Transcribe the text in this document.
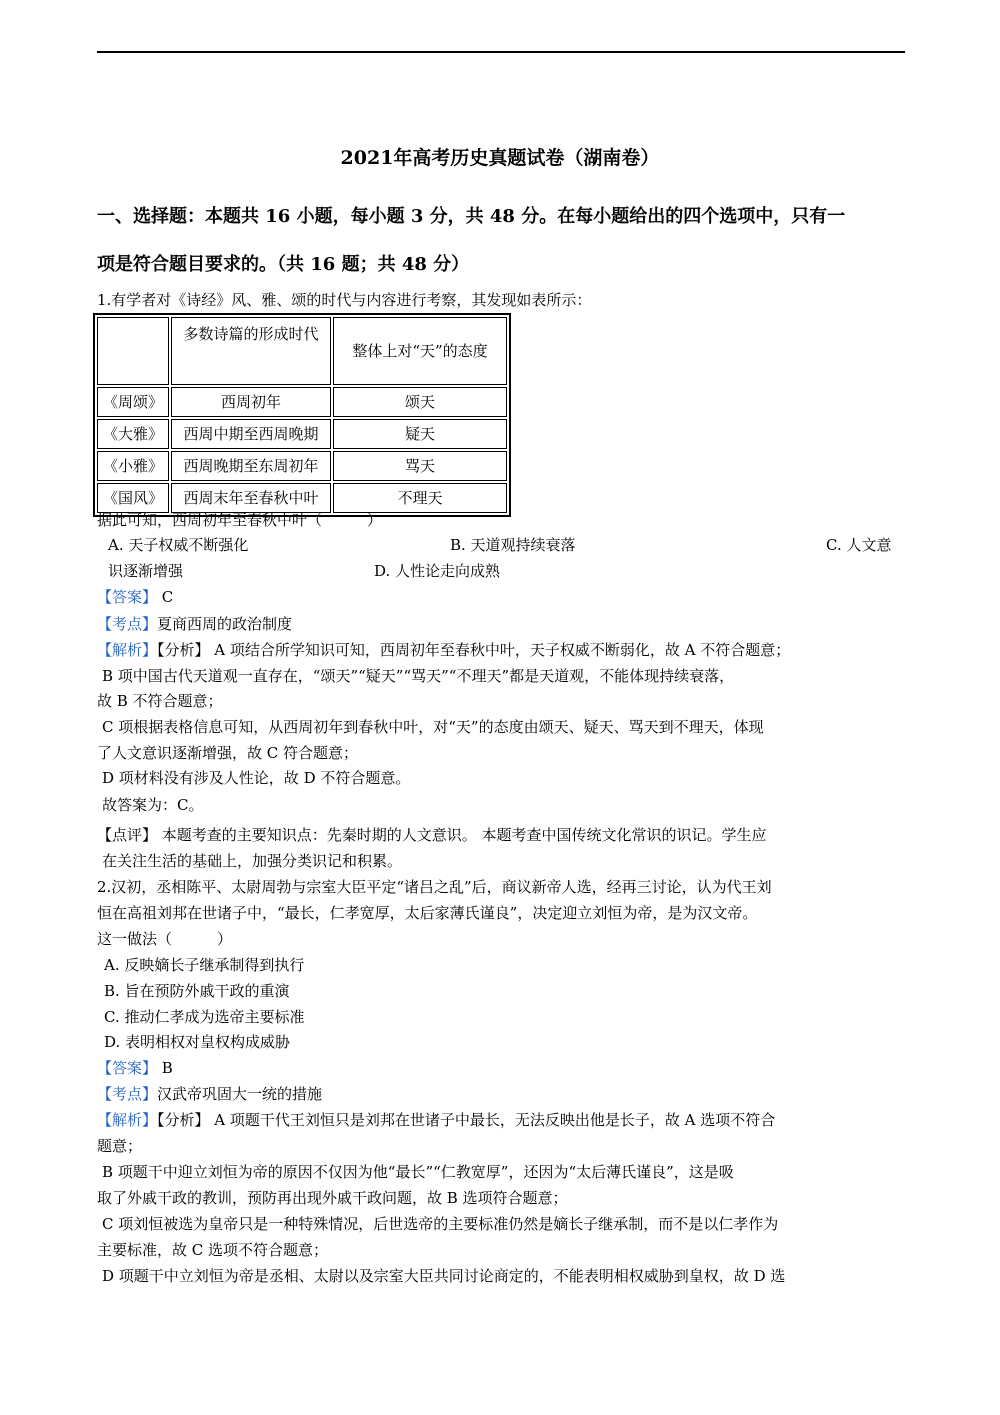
2021年高考历史真题试卷（湖南卷）
一、选择题：本题共 16 小题，每小题 3 分，共 48 分。在每小题给出的四个选项中，只有一
项是符合题目要求的。（共 16 题；共 48 分）
1.有学者对《诗经》风、雅、颂的时代与内容进行考察，其发现如表所示：
	多数诗篇的形成时代	整体上对“天”的态度
《周颂》	西周初年	颂天
《大雅》	西周中期至西周晚期	疑天
《小雅》	西周晚期至东周初年	骂天
《国风》	西周末年至春秋中叶	不理天
据此可知，西周初年至春秋中叶（　　　）
A. 天子权威不断强化	B. 天道观持续衰落	C. 人文意
识逐渐增强	D. 人性论走向成熟
【答案】 C
【考点】夏商西周的政治制度
【解析】【分析】 A 项结合所学知识可知，西周初年至春秋中叶，天子权威不断弱化，故 A 不符合题意；
B 项中国古代天道观一直存在，“颂天”“疑天”“骂天”“不理天”都是天道观，不能体现持续衰落，
故 B 不符合题意；
C 项根据表格信息可知，从西周初年到春秋中叶，对“天”的态度由颂天、疑天、骂天到不理天，体现
了人文意识逐渐增强，故 C 符合题意；
D 项材料没有涉及人性论，故 D 不符合题意。
故答案为：C。
【点评】 本题考查的主要知识点：先秦时期的人文意识。 本题考查中国传统文化常识的识记。学生应
在关注生活的基础上，加强分类识记和积累。
2.汉初，丞相陈平、太尉周勃与宗室大臣平定“诸吕之乱”后，商议新帝人选，经再三讨论，认为代王刘
恒在高祖刘邦在世诸子中，“最长，仁孝宽厚，太后家薄氏谨良”，决定迎立刘恒为帝，是为汉文帝。
这一做法（　　　）
A. 反映嫡长子继承制得到执行
B. 旨在预防外戚干政的重演
C. 推动仁孝成为选帝主要标准
D. 表明相权对皇权构成威胁
【答案】 B
【考点】汉武帝巩固大一统的措施
【解析】【分析】 A 项题干代王刘恒只是刘邦在世诸子中最长，无法反映出他是长子，故 A 选项不符合
题意；
B 项题干中迎立刘恒为帝的原因不仅因为他“最长”“仁教宽厚”，还因为“太后薄氏谨良”，这是吸
取了外戚干政的教训，预防再出现外戚干政问题，故 B 选项符合题意；
C 项刘恒被选为皇帝只是一种特殊情况，后世选帝的主要标准仍然是嫡长子继承制，而不是以仁孝作为
主要标准，故 C 选项不符合题意；
D 项题干中立刘恒为帝是丞相、太尉以及宗室大臣共同讨论商定的，不能表明相权威胁到皇权，故 D 选
